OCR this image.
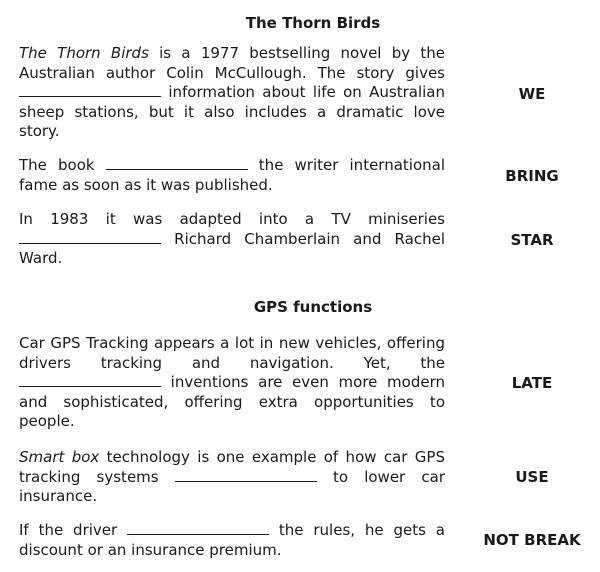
The Thorn Birds

The Thorn Birds is a 1977 bestselling novel by the Australian author Colin McCullough. The story gives  information about life on Australian sheep stations, but it also includes a dramatic love story.

WE

The book	the writer international fame as soon as it was published.	BRING

In 1983 it was adapted into a TV miniseries  Richard Chamberlain and Rachel Ward.

STAR
GPS functions

Car GPS Tracking appears a lot in new vehicles, offering drivers tracking and navigation. Yet, the  inventions are even more modern and sophisticated, offering extra opportunities to people.

LATE

Smart box technology is one example of how car GPS tracking systems	to lower car insurance.

USE

If the driver	the rules, he gets a discount or an insurance premium.

NOT BREAK
